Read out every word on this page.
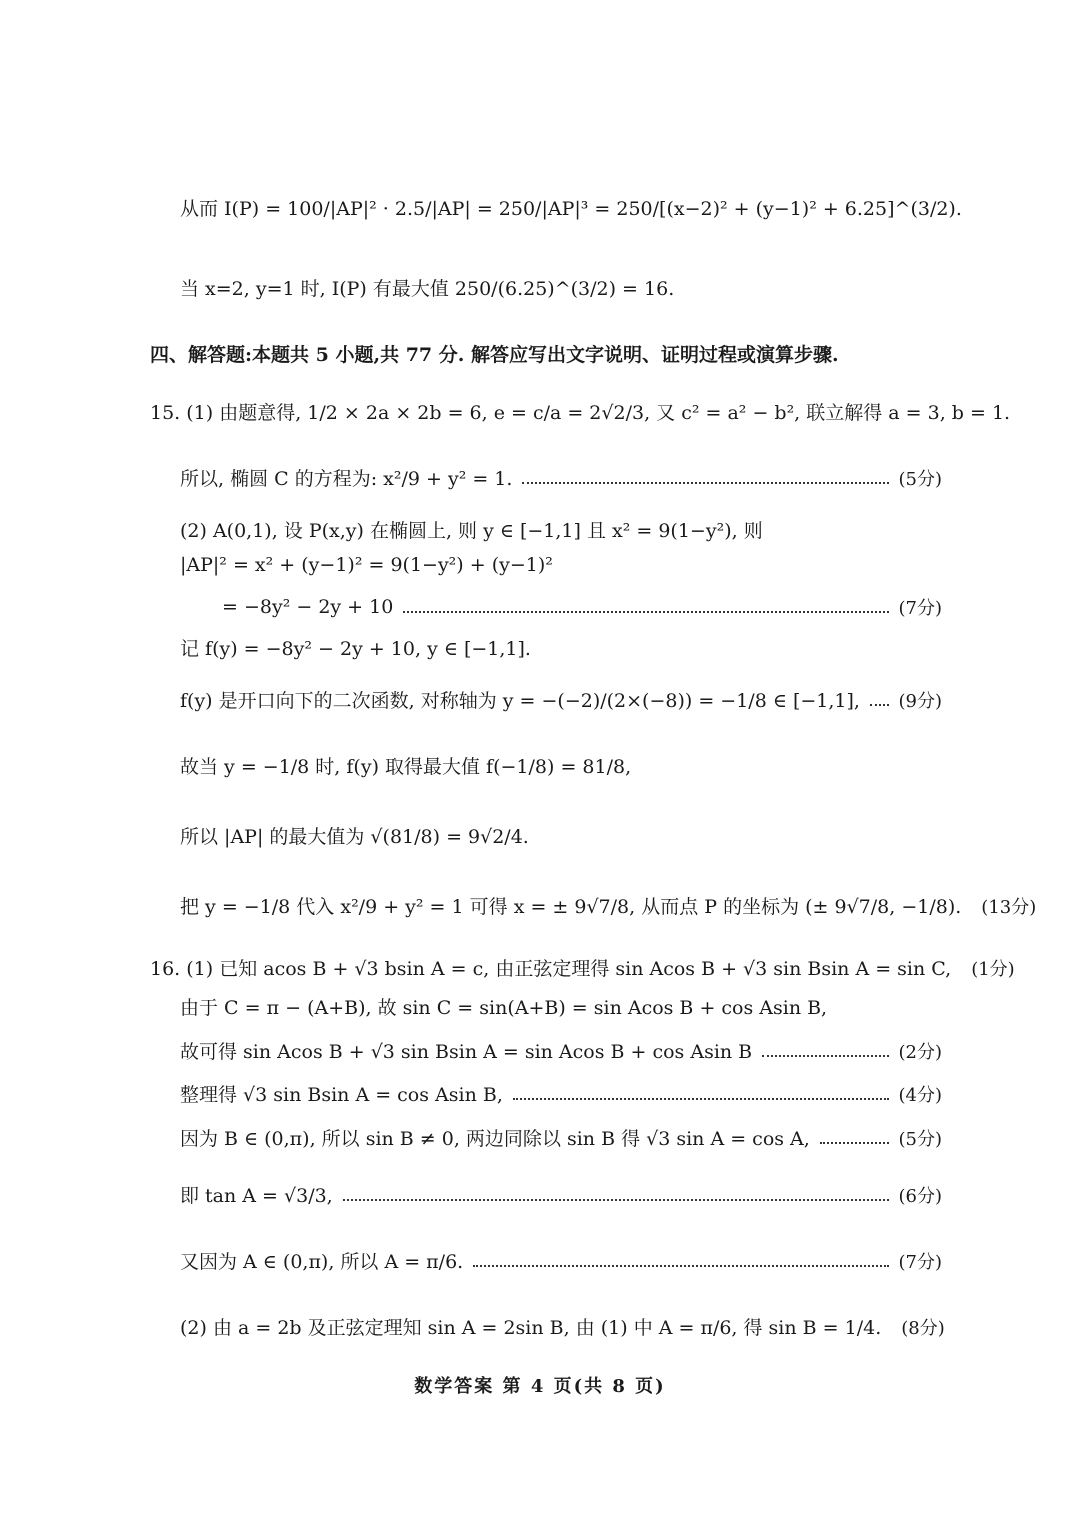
从而 I(P) = 100/|AP|² · 2.5/|AP| = 250/|AP|³ = 250/[(x−2)² + (y−1)² + 6.25]^(3/2).
当 x=2, y=1 时, I(P) 有最大值 250/(6.25)^(3/2) = 16.
四、解答题:本题共 5 小题,共 77 分. 解答应写出文字说明、证明过程或演算步骤.
15. (1) 由题意得, 1/2 × 2a × 2b = 6, e = c/a = 2√2/3, 又 c² = a² − b², 联立解得 a = 3, b = 1.
所以, 椭圆 C 的方程为: x²/9 + y² = 1.	(5分)
(2) A(0,1), 设 P(x,y) 在椭圆上, 则 y ∈ [−1,1] 且 x² = 9(1−y²), 则
|AP|² = x² + (y−1)² = 9(1−y²) + (y−1)²
= −8y² − 2y + 10	(7分)
记 f(y) = −8y² − 2y + 10, y ∈ [−1,1].
f(y) 是开口向下的二次函数, 对称轴为 y = −(−2)/(2×(−8)) = −1/8 ∈ [−1,1], (9分)
故当 y = −1/8 时, f(y) 取得最大值 f(−1/8) = 81/8,
所以 |AP| 的最大值为 √(81/8) = 9√2/4.
把 y = −1/8 代入 x²/9 + y² = 1 可得 x = ± 9√7/8, 从而点 P 的坐标为 (± 9√7/8, −1/8). (13分)
16. (1) 已知 acos B + √3 bsin A = c, 由正弦定理得 sin Acos B + √3 sin Bsin A = sin C, (1分)
由于 C = π − (A+B), 故 sin C = sin(A+B) = sin Acos B + cos Asin B,
故可得 sin Acos B + √3 sin Bsin A = sin Acos B + cos Asin B	(2分)
整理得 √3 sin Bsin A = cos Asin B,	(4分)
因为 B ∈ (0,π), 所以 sin B ≠ 0, 两边同除以 sin B 得 √3 sin A = cos A,	(5分)
即 tan A = √3/3,	(6分)
又因为 A ∈ (0,π), 所以 A = π/6.	(7分)
(2) 由 a = 2b 及正弦定理知 sin A = 2sin B, 由 (1) 中 A = π/6, 得 sin B = 1/4. (8分)
数学答案 第 4 页(共 8 页)
